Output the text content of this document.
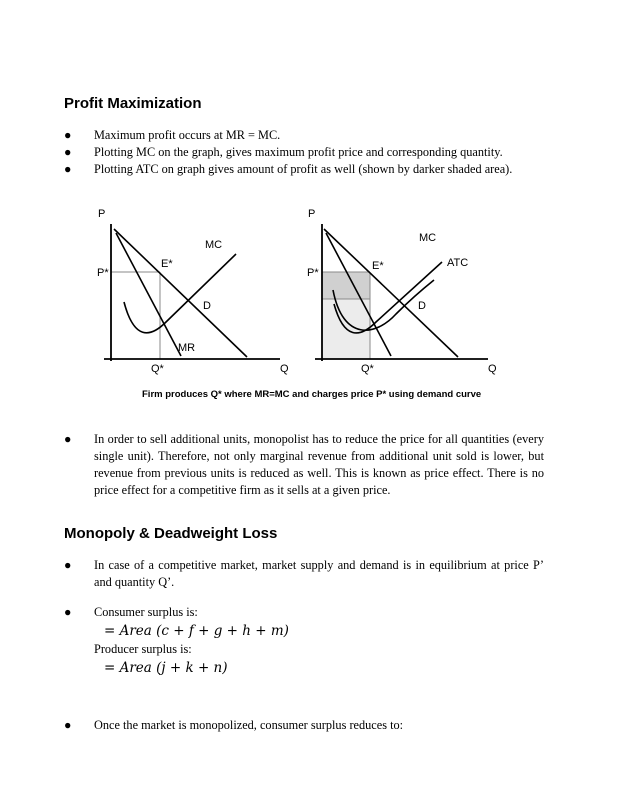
Profit Maximization
● Maximum profit occurs at MR = MC.
● Plotting MC on the graph, gives maximum profit price and corresponding quantity.
● Plotting ATC on graph gives amount of profit as well (shown by darker shaded area).
P
MC
E*
P*
D
MR
Q*	Q
P
MC
ATC
E*
P*
D
Q*	Q
Firm produces Q* where MR=MC and charges price P* using demand curve
● In order to sell additional units, monopolist has to reduce the price for all quantities (every single unit). Therefore, not only marginal revenue from additional unit sold is lower, but revenue from previous units is reduced as well. This is known as price effect. There is no price effect for a competitive firm as it sells at a given price.
Monopoly & Deadweight Loss
● In case of a competitive market, market supply and demand is in equilibrium at price P’ and quantity Q’.
● Consumer surplus is:
= Area (c + f + g + h + m)
Producer surplus is:
= Area (j + k + n)
● Once the market is monopolized, consumer surplus reduces to:
